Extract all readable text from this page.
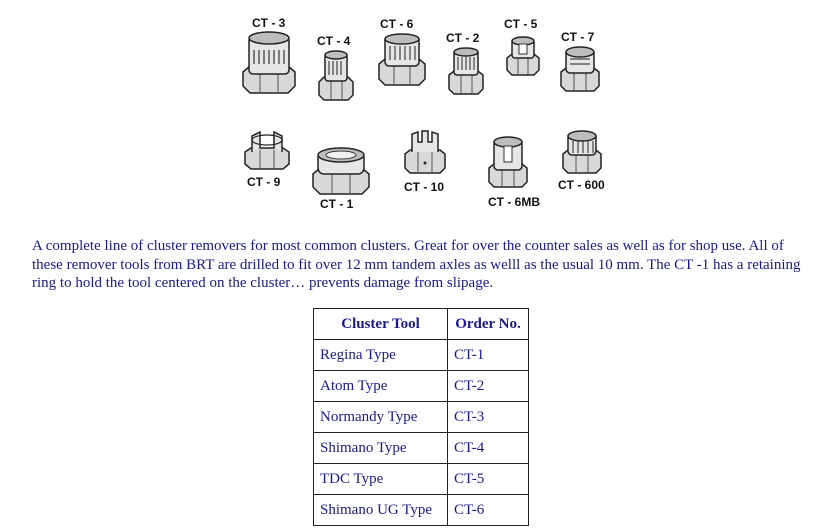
CT - 3
CT - 4
CT - 6
CT - 2
CT - 5
CT - 7
CT - 9
CT - 1
CT - 10
CT - 6MB
CT - 600

A complete line of cluster removers for most common clusters. Great for over the counter sales as well as for shop use. All of these remover tools from BRT are drilled to fit over 12 mm tandem axles as welll as the usual 10 mm. The CT -1 has a retaining ring to hold the tool centered on the cluster… prevents damage from slipage.

Cluster Tool	Order No.
Regina Type	CT-1
Atom Type	CT-2
Normandy Type	CT-3
Shimano Type	CT-4
TDC Type	CT-5
Shimano UG Type	CT-6
